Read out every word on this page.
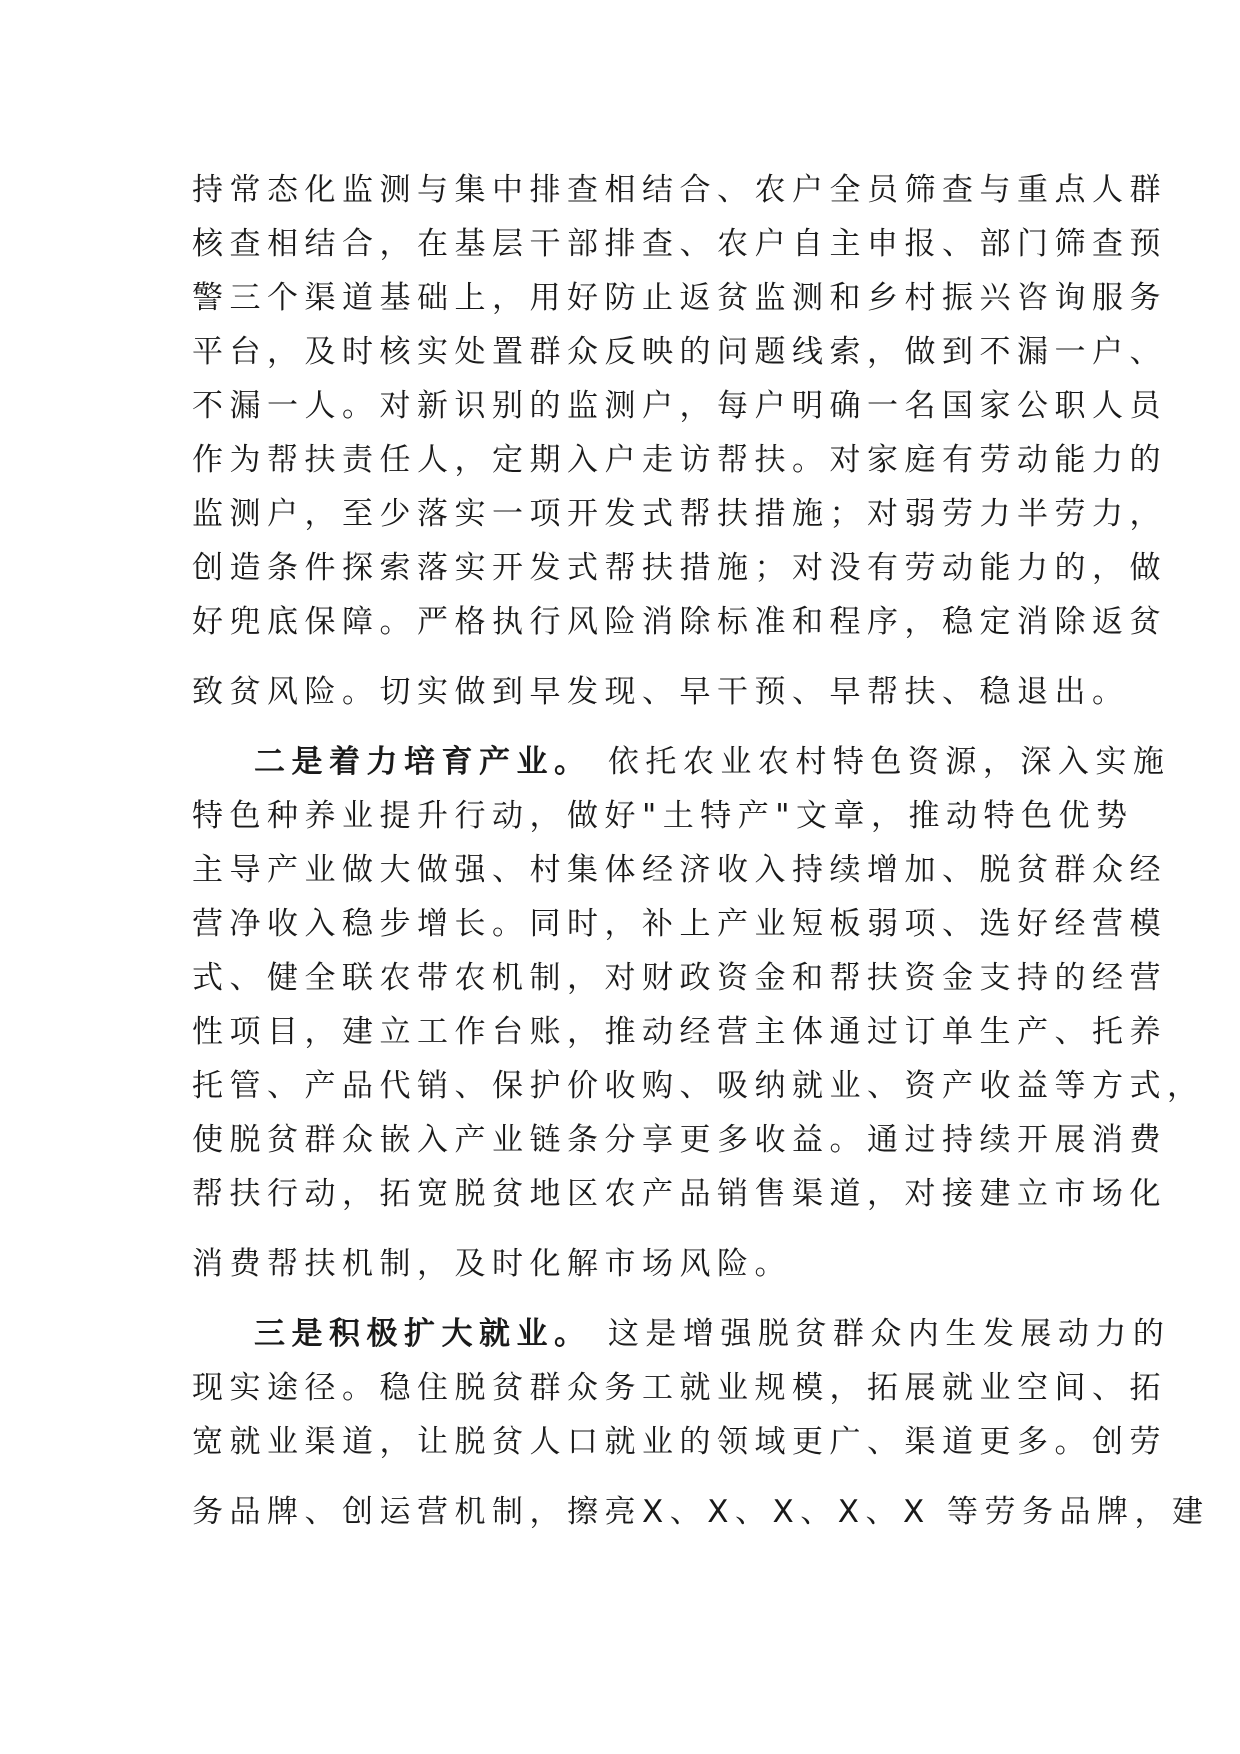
持常态化监测与集中排查相结合、农户全员筛查与重点人群
核查相结合，在基层干部排查、农户自主申报、部门筛查预
警三个渠道基础上，用好防止返贫监测和乡村振兴咨询服务
平台，及时核实处置群众反映的问题线索，做到不漏一户、
不漏一人。对新识别的监测户，每户明确一名国家公职人员
作为帮扶责任人，定期入户走访帮扶。对家庭有劳动能力的
监测户，至少落实一项开发式帮扶措施；对弱劳力半劳力，
创造条件探索落实开发式帮扶措施；对没有劳动能力的，做
好兜底保障。严格执行风险消除标准和程序，稳定消除返贫
致贫风险。切实做到早发现、早干预、早帮扶、稳退出。
二是着力培育产业。 依托农业农村特色资源，深入实施
特色种养业提升行动，做好"土特产"文章，推动特色优势
主导产业做大做强、村集体经济收入持续增加、脱贫群众经
营净收入稳步增长。同时，补上产业短板弱项、选好经营模
式、健全联农带农机制，对财政资金和帮扶资金支持的经营
性项目，建立工作台账，推动经营主体通过订单生产、托养
托管、产品代销、保护价收购、吸纳就业、资产收益等方式，
使脱贫群众嵌入产业链条分享更多收益。通过持续开展消费
帮扶行动，拓宽脱贫地区农产品销售渠道，对接建立市场化
消费帮扶机制，及时化解市场风险。
三是积极扩大就业。 这是增强脱贫群众内生发展动力的
现实途径。稳住脱贫群众务工就业规模，拓展就业空间、拓
宽就业渠道，让脱贫人口就业的领域更广、渠道更多。创劳
务品牌、创运营机制，擦亮X、X、X、X、X 等劳务品牌，建
